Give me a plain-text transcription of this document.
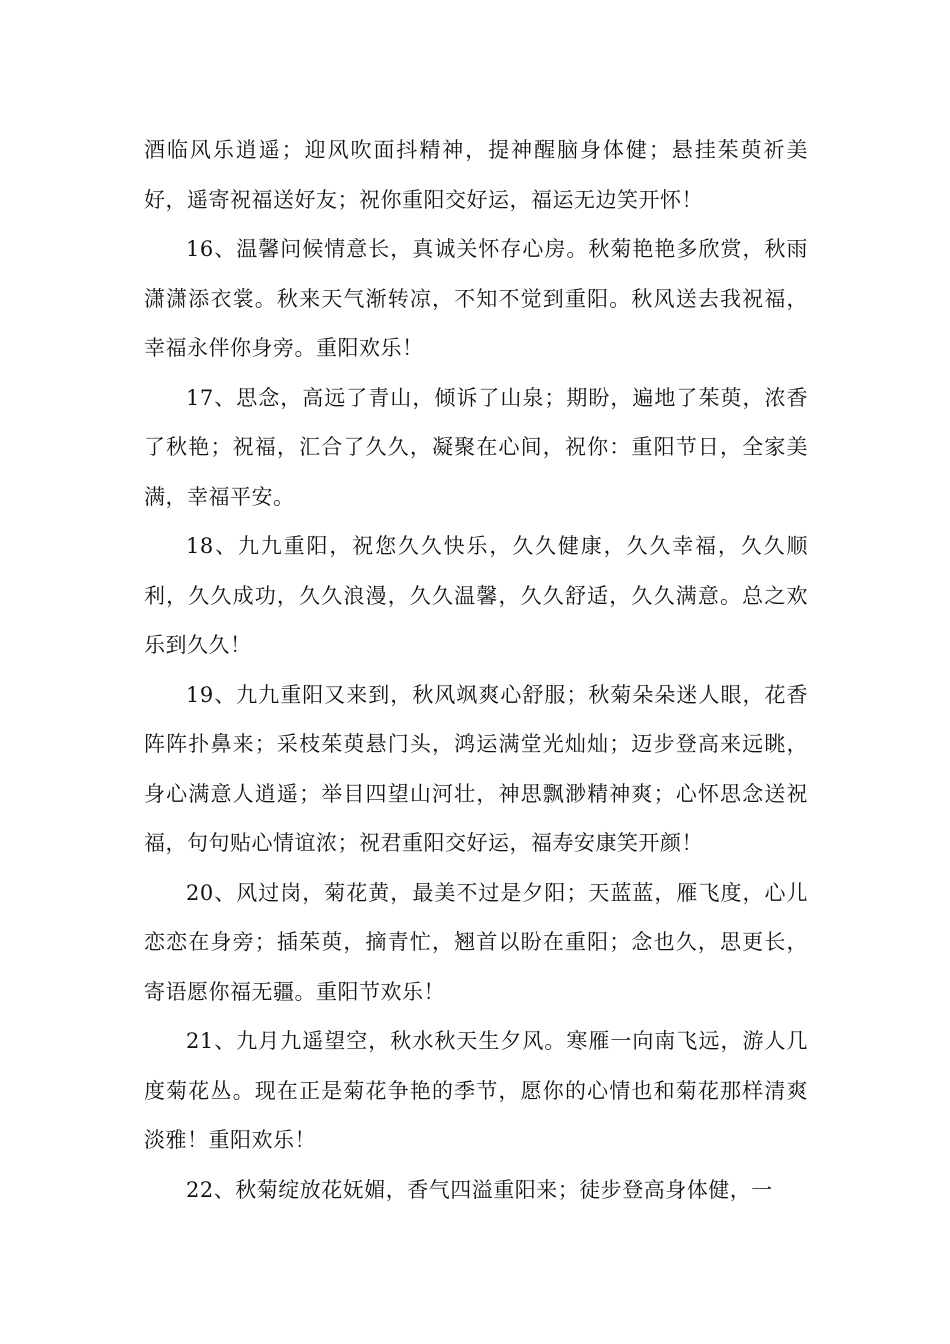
酒临风乐逍遥；迎风吹面抖精神，提神醒脑身体健；悬挂茱萸祈美好，遥寄祝福送好友；祝你重阳交好运，福运无边笑开怀！

16、温馨问候情意长，真诚关怀存心房。秋菊艳艳多欣赏，秋雨潇潇添衣裳。秋来天气渐转凉，不知不觉到重阳。秋风送去我祝福，幸福永伴你身旁。重阳欢乐！

17、思念，高远了青山，倾诉了山泉；期盼，遍地了茱萸，浓香了秋艳；祝福，汇合了久久，凝聚在心间，祝你：重阳节日，全家美满，幸福平安。

18、九九重阳，祝您久久快乐，久久健康，久久幸福，久久顺利，久久成功，久久浪漫，久久温馨，久久舒适，久久满意。总之欢乐到久久！

19、九九重阳又来到，秋风飒爽心舒服；秋菊朵朵迷人眼，花香阵阵扑鼻来；采枝茱萸悬门头，鸿运满堂光灿灿；迈步登高来远眺，身心满意人逍遥；举目四望山河壮，神思飘渺精神爽；心怀思念送祝福，句句贴心情谊浓；祝君重阳交好运，福寿安康笑开颜！

20、风过岗，菊花黄，最美不过是夕阳；天蓝蓝，雁飞度，心儿恋恋在身旁；插茱萸，摘青忙，翘首以盼在重阳；念也久，思更长，寄语愿你福无疆。重阳节欢乐！

21、九月九遥望空，秋水秋天生夕风。寒雁一向南飞远，游人几度菊花丛。现在正是菊花争艳的季节，愿你的心情也和菊花那样清爽淡雅！重阳欢乐！

22、秋菊绽放花妩媚，香气四溢重阳来；徒步登高身体健，一
